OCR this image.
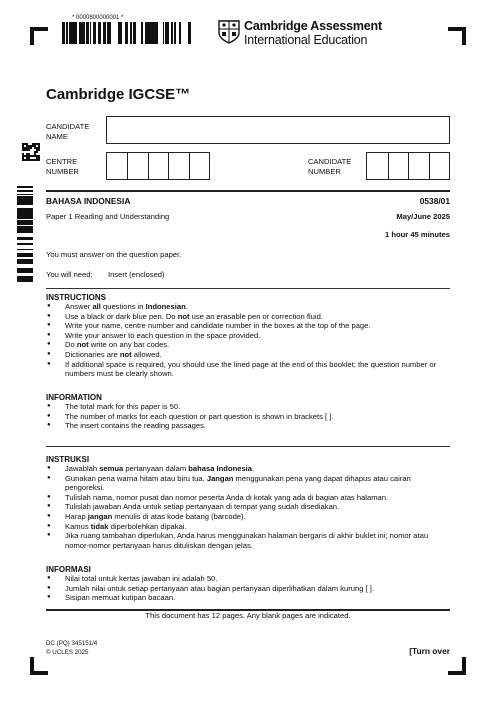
* 0000800000001 *
Cambridge Assessment
International Education
Cambridge IGCSE™
CANDIDATE NAME
CENTRE NUMBER
CANDIDATE NUMBER
BAHASA INDONESIA	0538/01
Paper 1 Reading and Understanding	May/June 2025
1 hour 45 minutes
You must answer on the question paper.
You will need: Insert (enclosed)
INSTRUCTIONS
● Answer all questions in Indonesian.
● Use a black or dark blue pen. Do not use an erasable pen or correction fluid.
● Write your name, centre number and candidate number in the boxes at the top of the page.
● Write your answer to each question in the space provided.
● Do not write on any bar codes.
● Dictionaries are not allowed.
● If additional space is required, you should use the lined page at the end of this booklet; the question number or numbers must be clearly shown.
INFORMATION
● The total mark for this paper is 50.
● The number of marks for each question or part question is shown in brackets [ ].
● The insert contains the reading passages.
INSTRUKSI
● Jawablah semua pertanyaan dalam bahasa Indonesia.
● Gunakan pena warna hitam atau biru tua. Jangan menggunakan pena yang dapat dihapus atau cairan pengoreksi.
● Tulislah nama, nomor pusat dan nomor peserta Anda di kotak yang ada di bagian atas halaman.
● Tulislah jawaban Anda untuk setiap pertanyaan di tempat yang sudah disediakan.
● Harap jangan menulis di atas kode batang (barcode).
● Kamus tidak diperbolehkan dipakai.
● Jika ruang tambahan diperlukan, Anda harus menggunakan halaman bergaris di akhir buklet ini; nomor atau nomor-nomor pertanyaan harus dituliskan dengan jelas.
INFORMASI
● Nilai total untuk kertas jawaban ini adalah 50.
● Jumlah nilai untuk setiap pertanyaan atau bagian pertanyaan diperlihatkan dalam kurung [ ].
● Sisipan memuat kutipan bacaan.
This document has 12 pages. Any blank pages are indicated.
DC (PQ) 345151/4
© UCLES 2025	[Turn over
